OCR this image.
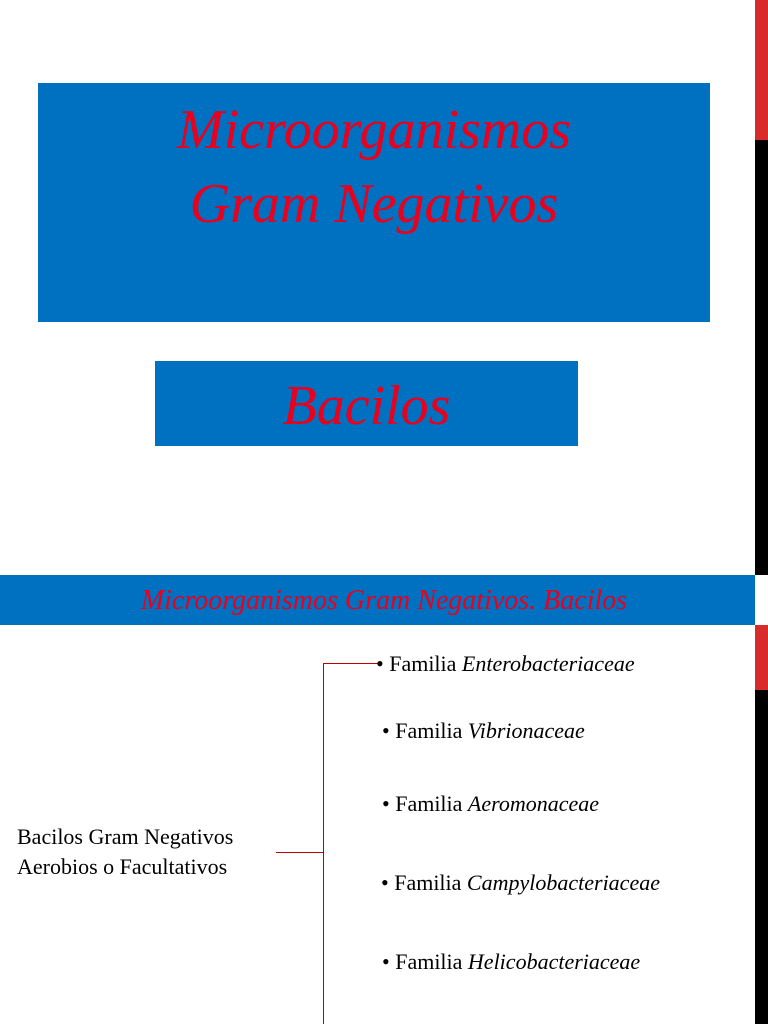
Microorganismos
Gram Negativos
Bacilos
Microorganismos Gram Negativos. Bacilos
Bacilos Gram Negativos
Aerobios o Facultativos
• Familia Enterobacteriaceae
• Familia Vibrionaceae
• Familia Aeromonaceae
• Familia Campylobacteriaceae
• Familia Helicobacteriaceae
